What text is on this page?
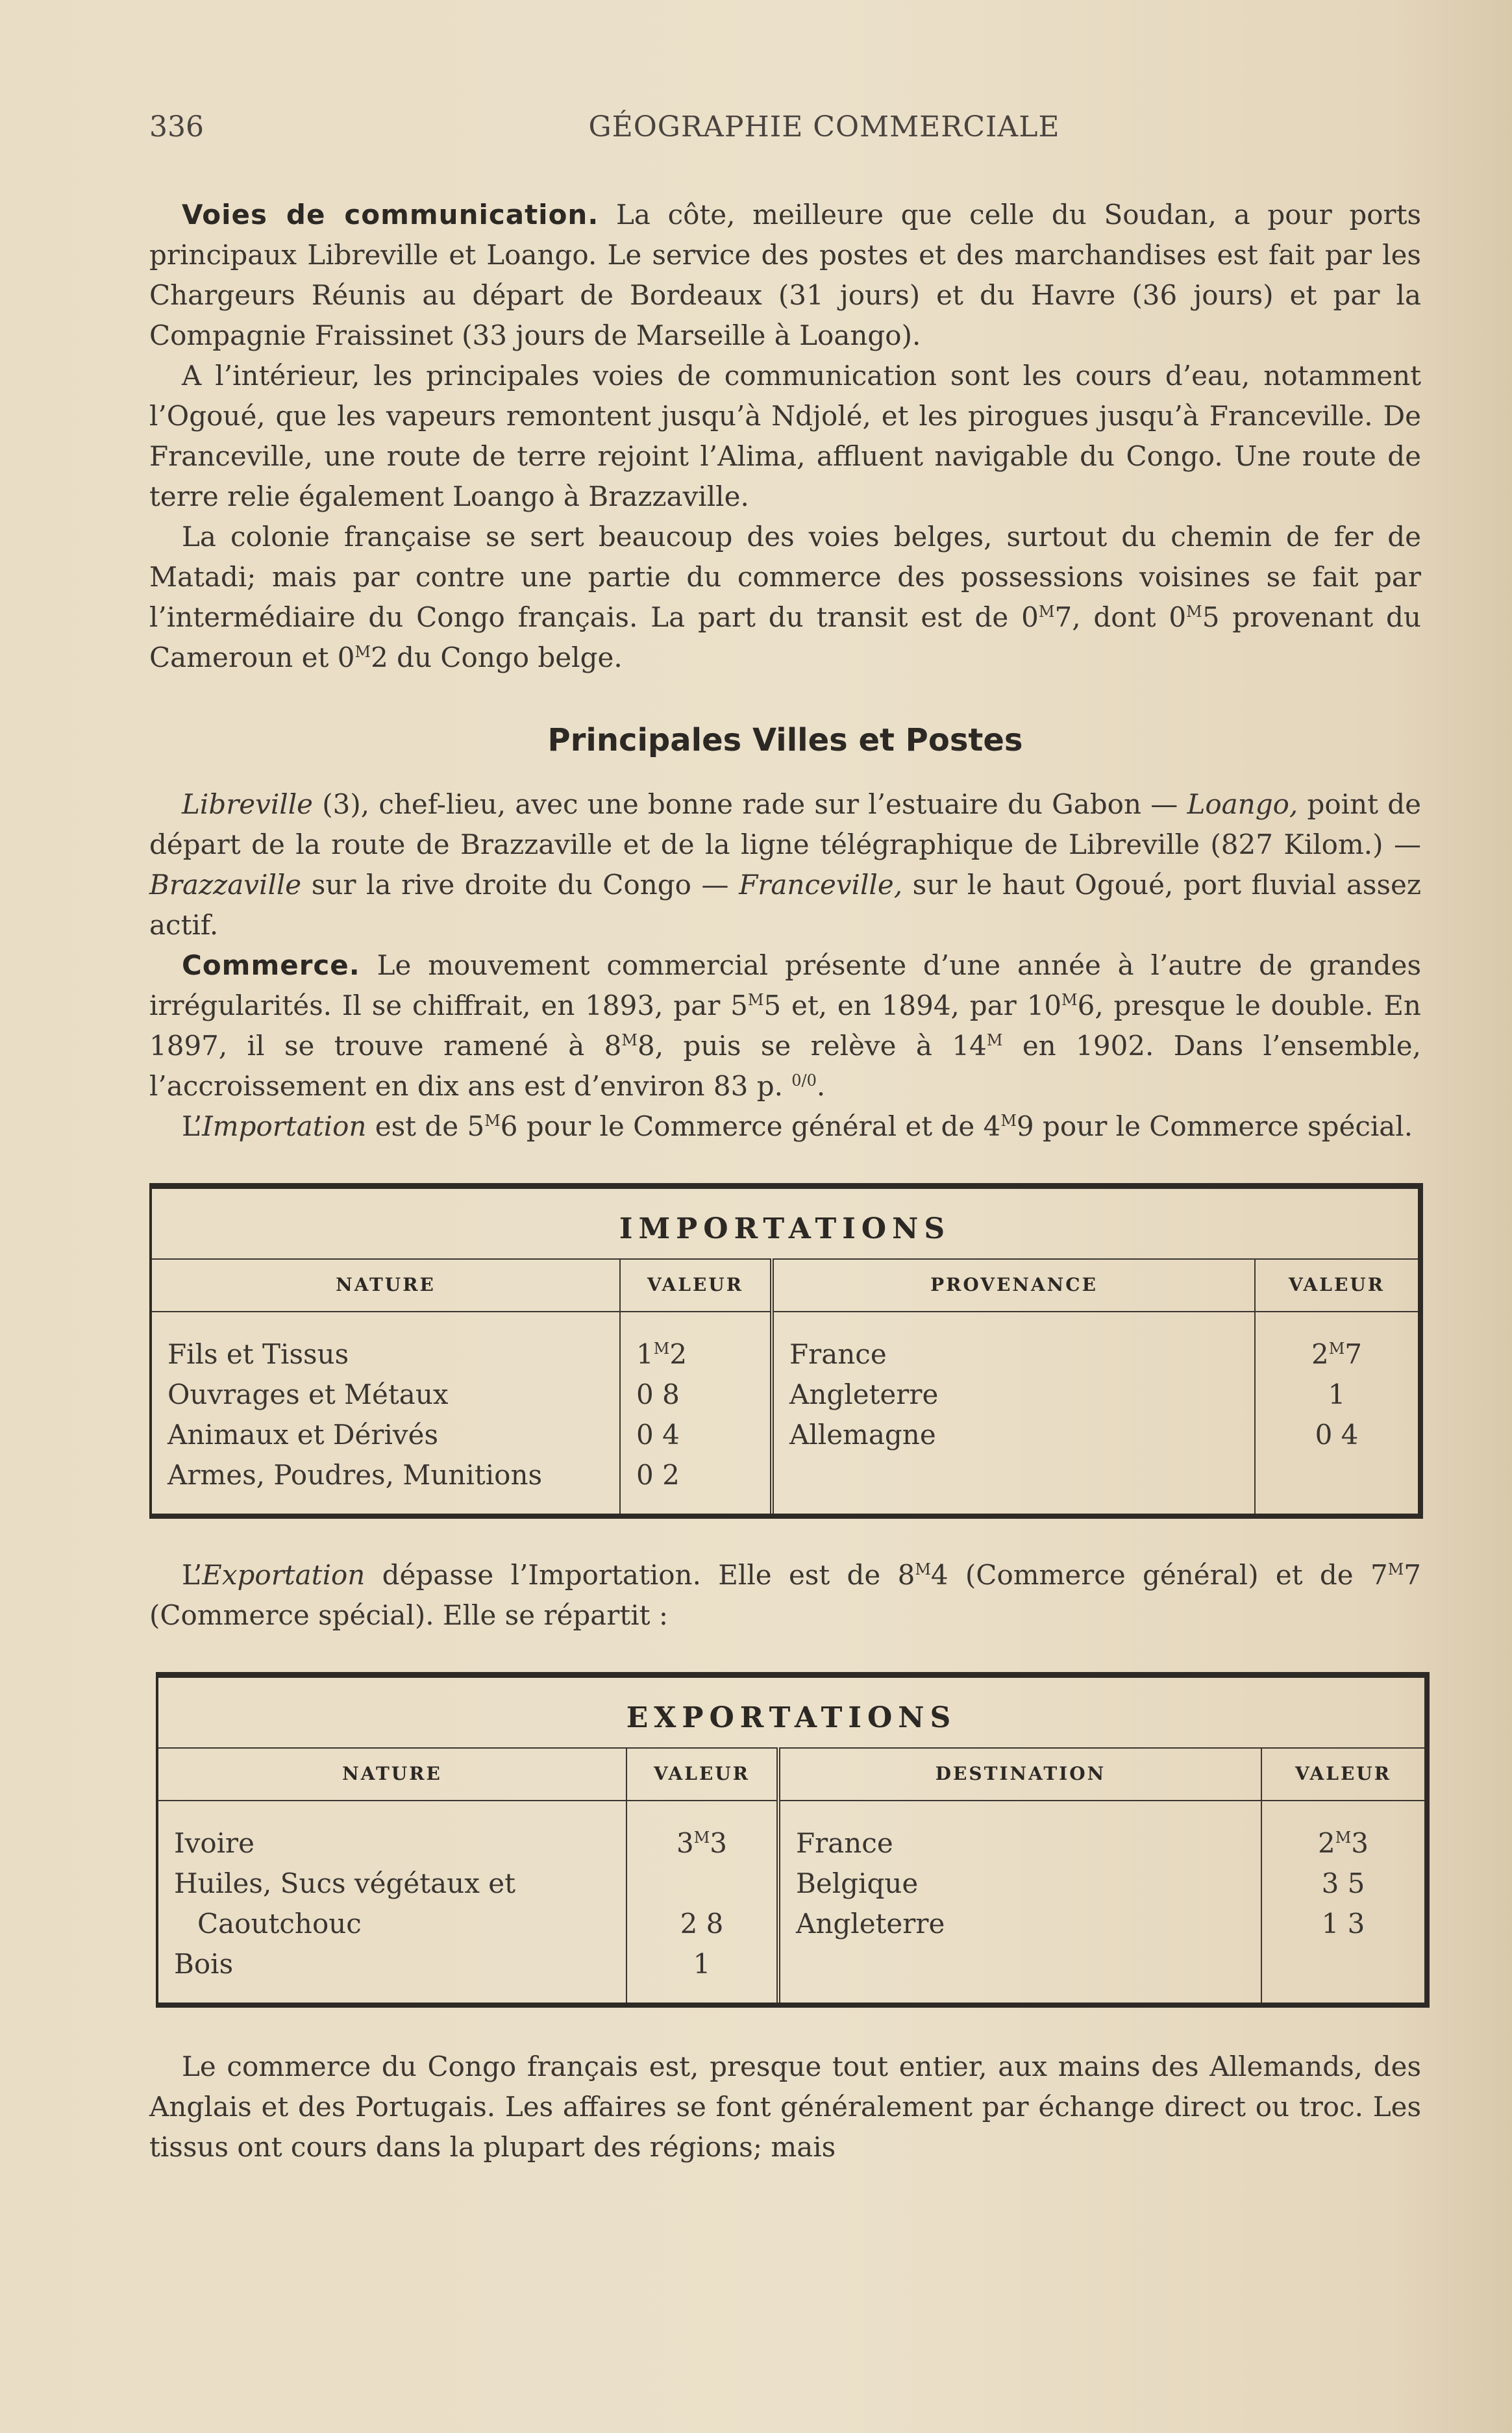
336	GÉOGRAPHIE COMMERCIALE

Voies de communication. La côte, meilleure que celle du Soudan, a pour ports principaux Libreville et Loango. Le service des postes et des marchandises est fait par les Chargeurs Réunis au départ de Bordeaux (31 jours) et du Havre (36 jours) et par la Compagnie Fraissinet (33 jours de Marseille à Loango).

A l’intérieur, les principales voies de communication sont les cours d’eau, notamment l’Ogoué, que les vapeurs remontent jusqu’à Ndjolé, et les pirogues jusqu’à Franceville. De Franceville, une route de terre rejoint l’Alima, affluent navigable du Congo. Une route de terre relie également Loango à Brazzaville.

La colonie française se sert beaucoup des voies belges, surtout du chemin de fer de Matadi; mais par contre une partie du commerce des possessions voisines se fait par l’intermédiaire du Congo français. La part du transit est de $0^M7$, dont $0^M5$ provenant du Cameroun et $0^M2$ du Congo belge.

Principales Villes et Postes

Libreville (3), chef-lieu, avec une bonne rade sur l’estuaire du Gabon — Loango, point de départ de la route de Brazzaville et de la ligne télégraphique de Libreville (827 Kilom.) — Brazzaville sur la rive droite du Congo — Franceville, sur le haut Ogoué, port fluvial assez actif.

Commerce. Le mouvement commercial présente d’une année à l’autre de grandes irrégularités. Il se chiffrait, en 1893, par $5^M5$ et, en 1894, par $10^M6$, presque le double. En 1897, il se trouve ramené à $8^M8$, puis se relève à $14^M$ en 1902. Dans l’ensemble, l’accroissement en dix ans est d’environ 83 p. $^{0/0}$.

L’Importation est de $5^M6$ pour le Commerce général et de $4^M9$ pour le Commerce spécial.

IMPORTATIONS
NATURE	VALEUR	PROVENANCE	VALEUR
Fils et Tissus	$1^M2$	France	$2^M7$
Ouvrages et Métaux	0 8	Angleterre	1
Animaux et Dérivés	0 4	Allemagne	0 4
Armes, Poudres, Munitions	0 2		

L’Exportation dépasse l’Importation. Elle est de $8^M4$ (Commerce général) et de $7^M7$ (Commerce spécial). Elle se répartit :

EXPORTATIONS
NATURE	VALEUR	DESTINATION	VALEUR
Ivoire	$3^M3$	France	$2^M3$
Huiles, Sucs végétaux et		Belgique	3 5
Caoutchouc	2 8	Angleterre	1 3
Bois	1		

Le commerce du Congo français est, presque tout entier, aux mains des Allemands, des Anglais et des Portugais. Les affaires se font généralement par échange direct ou troc. Les tissus ont cours dans la plupart des régions; mais
